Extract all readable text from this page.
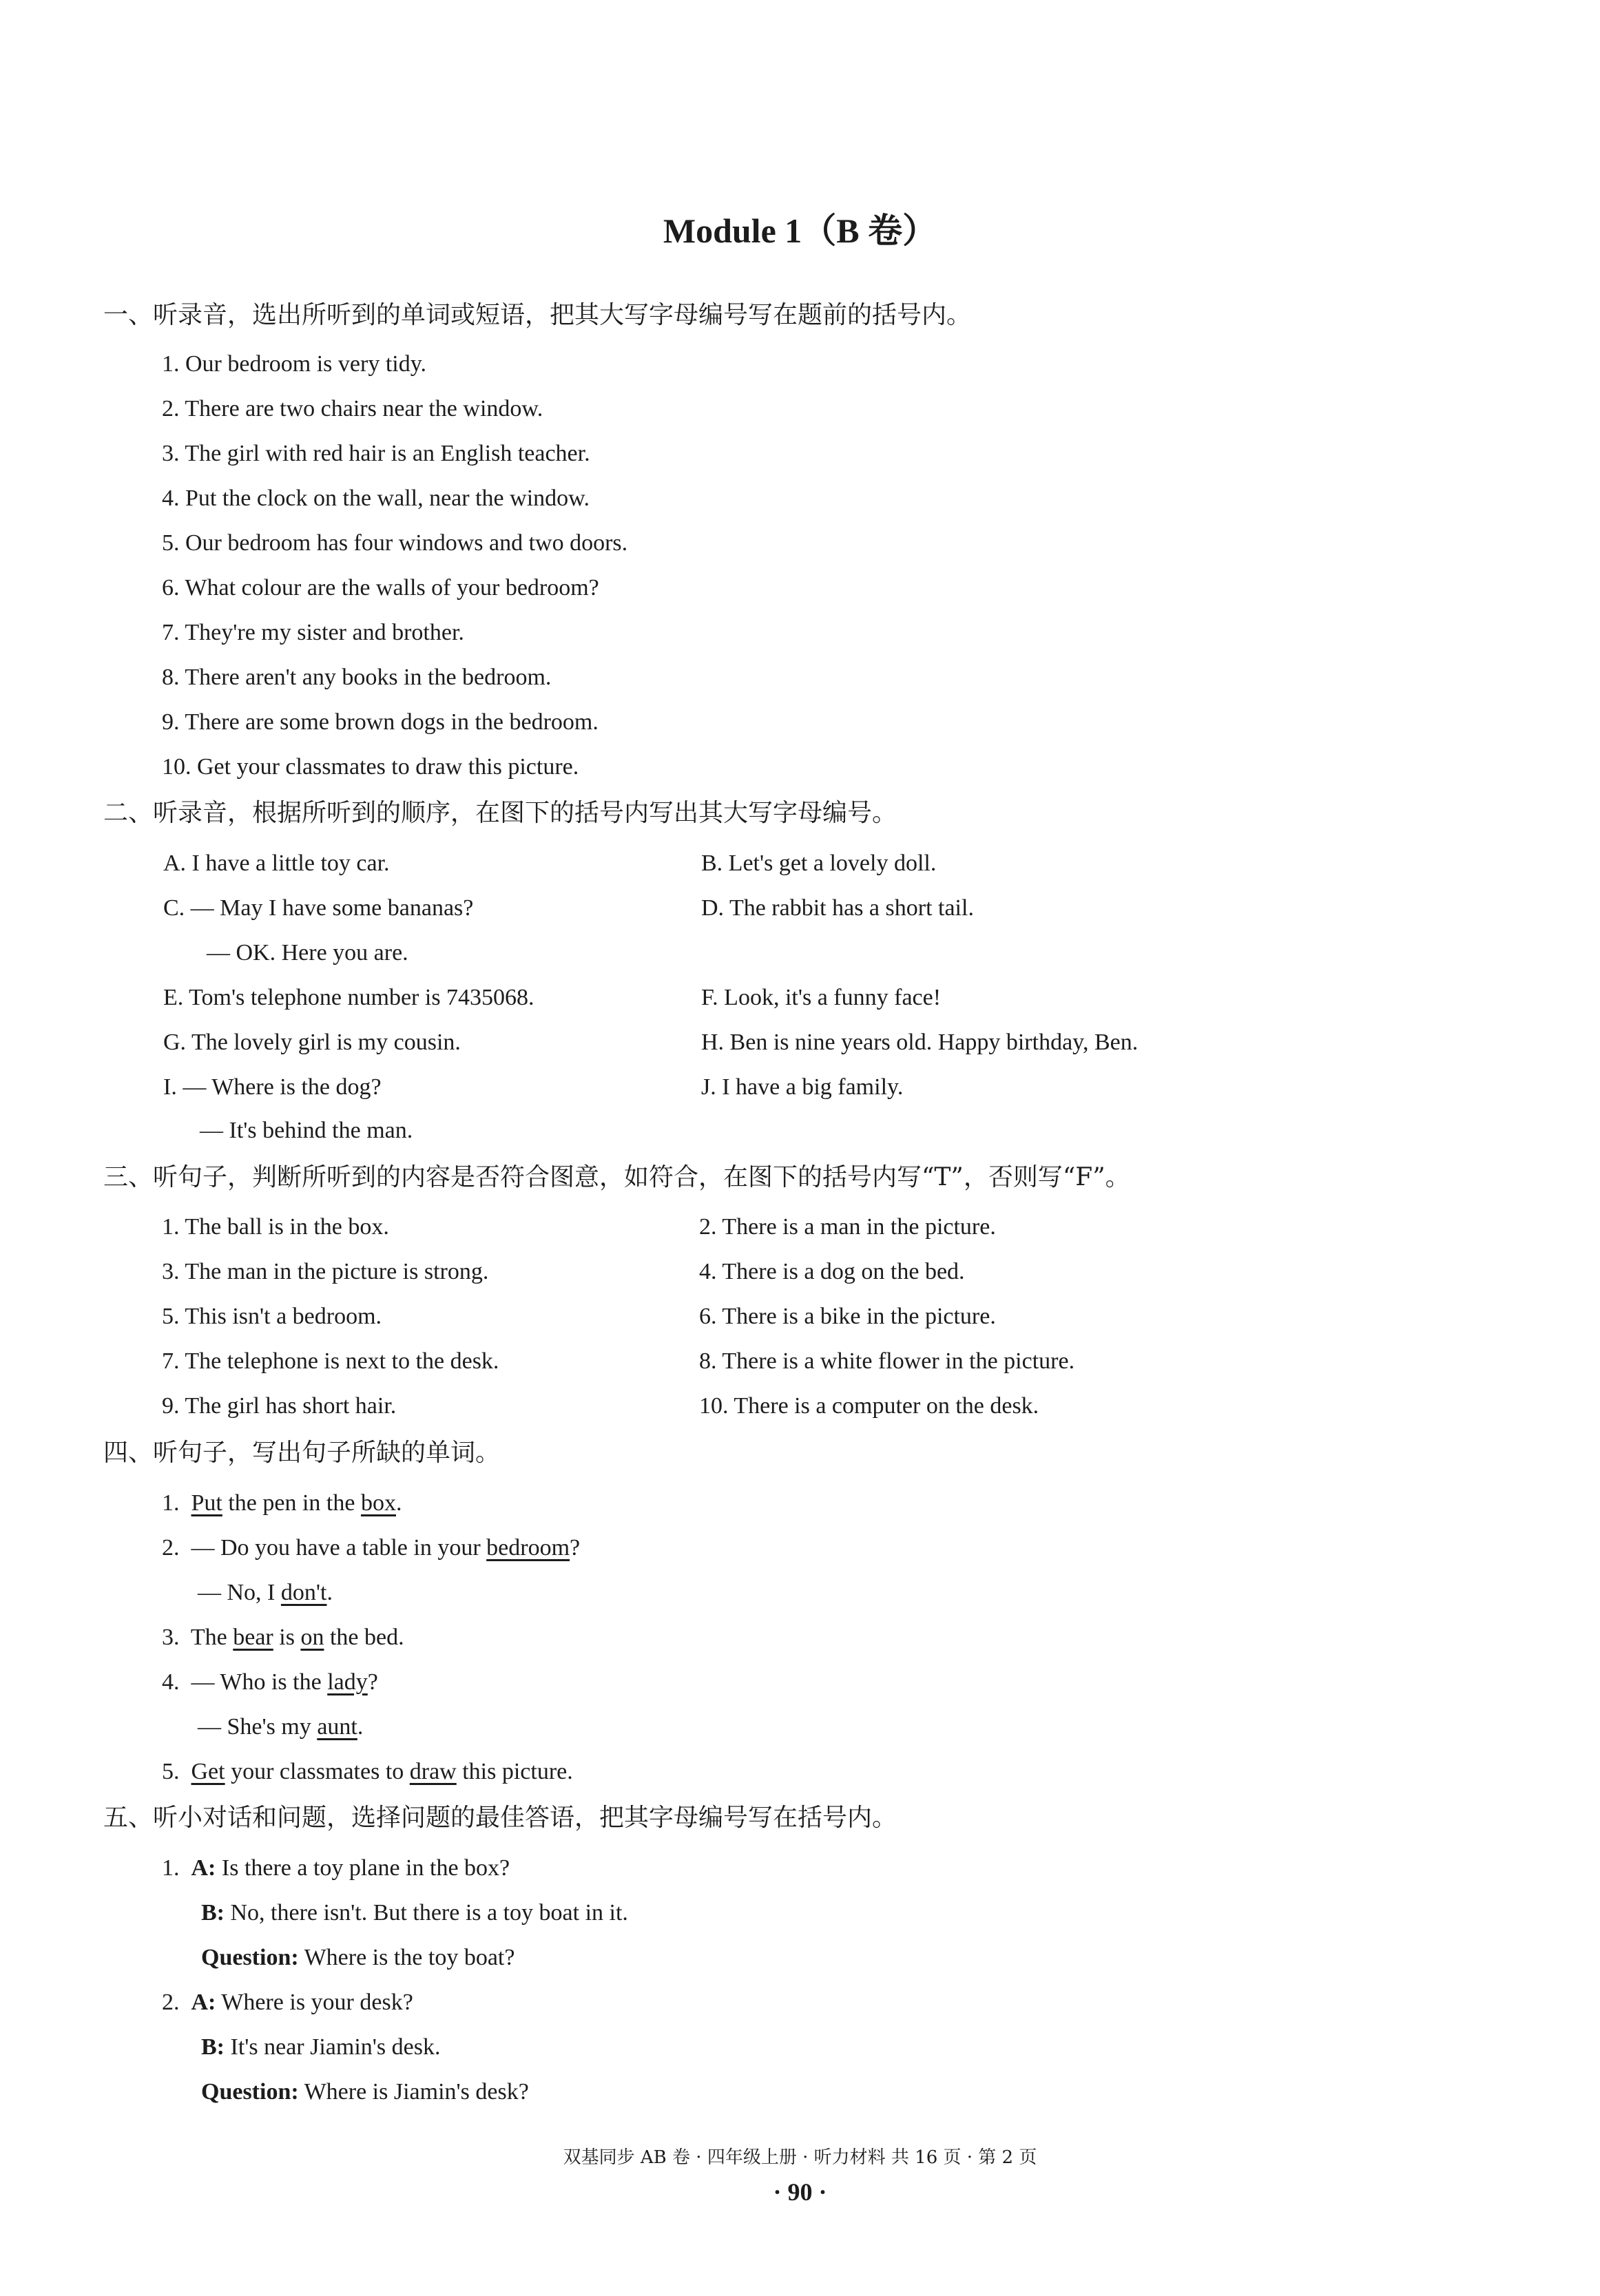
Module 1（B 卷）
一、听录音，选出所听到的单词或短语，把其大写字母编号写在题前的括号内。
1. Our bedroom is very tidy.
2. There are two chairs near the window.
3. The girl with red hair is an English teacher.
4. Put the clock on the wall, near the window.
5. Our bedroom has four windows and two doors.
6. What colour are the walls of your bedroom?
7. They're my sister and brother.
8. There aren't any books in the bedroom.
9. There are some brown dogs in the bedroom.
10. Get your classmates to draw this picture.
二、听录音，根据所听到的顺序，在图下的括号内写出其大写字母编号。
A. I have a little toy car.	B. Let's get a lovely doll.
C. — May I have some bananas?	D. The rabbit has a short tail.
— OK. Here you are.
E. Tom's telephone number is 7435068.	F. Look, it's a funny face!
G. The lovely girl is my cousin.	H. Ben is nine years old. Happy birthday, Ben.
I. — Where is the dog?	J. I have a big family.
— It's behind the man.
三、听句子，判断所听到的内容是否符合图意，如符合，在图下的括号内写“T”，否则写“F”。
1. The ball is in the box.	2. There is a man in the picture.
3. The man in the picture is strong.	4. There is a dog on the bed.
5. This isn't a bedroom.	6. There is a bike in the picture.
7. The telephone is next to the desk.	8. There is a white flower in the picture.
9. The girl has short hair.	10. There is a computer on the desk.
四、听句子，写出句子所缺的单词。
1. Put the pen in the box.
2. — Do you have a table in your bedroom?
— No, I don't.
3. The bear is on the bed.
4. — Who is the lady?
— She's my aunt.
5. Get your classmates to draw this picture.
五、听小对话和问题，选择问题的最佳答语，把其字母编号写在括号内。
1. A: Is there a toy plane in the box?
B: No, there isn't. But there is a toy boat in it.
Question: Where is the toy boat?
2. A: Where is your desk?
B: It's near Jiamin's desk.
Question: Where is Jiamin's desk?
双基同步 AB 卷 · 四年级上册 · 听力材料 共 16 页 · 第 2 页
· 90 ·
